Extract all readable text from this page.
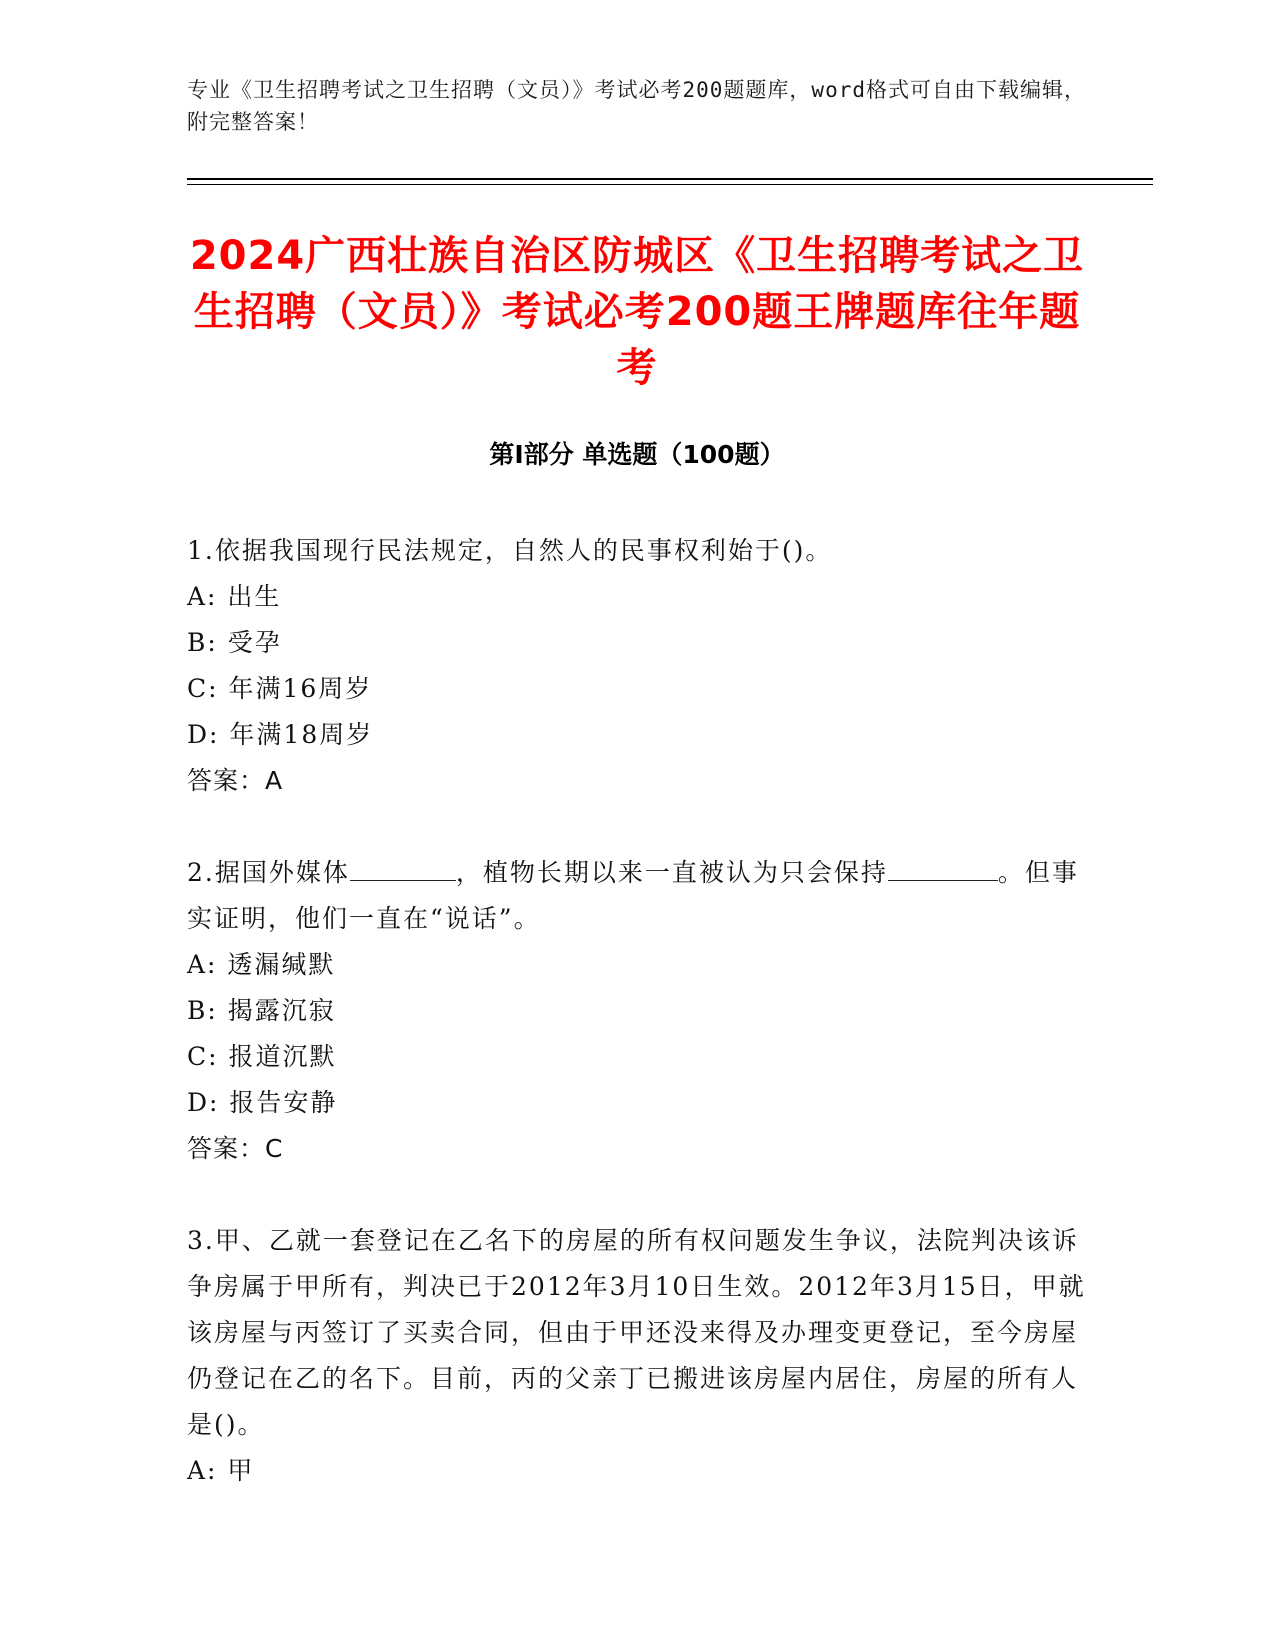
专业《卫生招聘考试之卫生招聘（文员）》考试必考200题题库，word格式可自由下载编辑，附完整答案！

2024广西壮族自治区防城区《卫生招聘考试之卫生招聘（文员）》考试必考200题王牌题库往年题考
第I部分 单选题（100题）

1.依据我国现行民法规定，自然人的民事权利始于()。

A: 出生

B: 受孕

C: 年满16周岁

D: 年满18周岁

答案：A

2.据国外媒体	，植物长期以来一直被认为只会保持	。但事实证明，他们一直在“说话”。

A: 透漏缄默

B: 揭露沉寂

C: 报道沉默

D: 报告安静

答案：C

3.甲、乙就一套登记在乙名下的房屋的所有权问题发生争议，法院判决该诉争房属于甲所有，判决已于2012年3月10日生效。2012年3月15日，甲就该房屋与丙签订了买卖合同，但由于甲还没来得及办理变更登记，至今房屋仍登记在乙的名下。目前，丙的父亲丁已搬进该房屋内居住，房屋的所有人是()。

A: 甲
